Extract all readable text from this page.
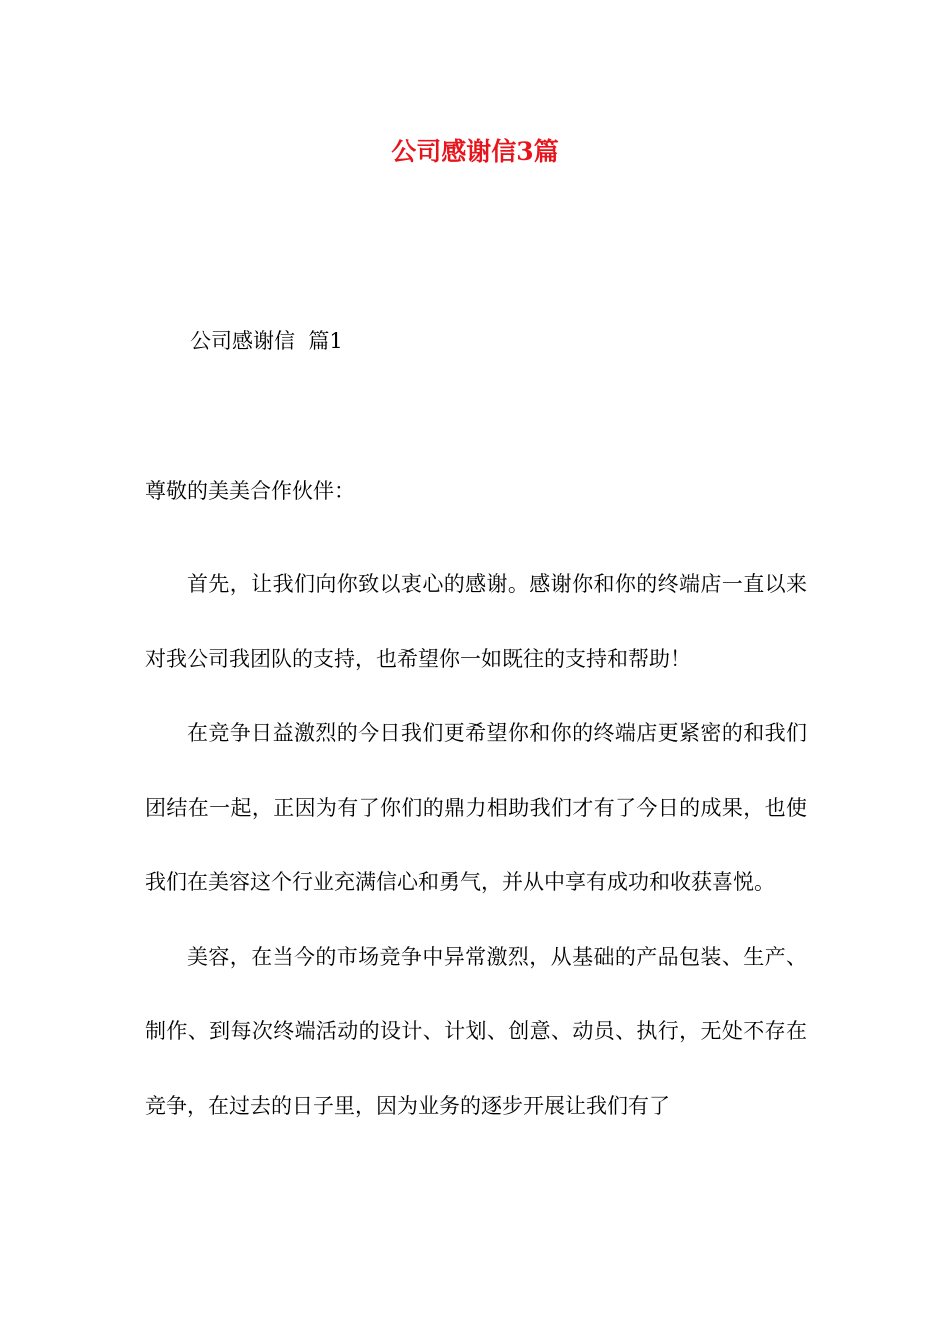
公司感谢信3篇
公司感谢信  篇1
尊敬的美美合作伙伴：

首先，让我们向你致以衷心的感谢。感谢你和你的终端店一直以来对我公司我团队的支持，也希望你一如既往的支持和帮助！

在竞争日益激烈的今日我们更希望你和你的终端店更紧密的和我们团结在一起，正因为有了你们的鼎力相助我们才有了今日的成果，也使我们在美容这个行业充满信心和勇气，并从中享有成功和收获喜悦。

美容，在当今的市场竞争中异常激烈，从基础的产品包装、生产、制作、到每次终端活动的设计、计划、创意、动员、执行，无处不存在竞争，在过去的日子里，因为业务的逐步开展让我们有了
